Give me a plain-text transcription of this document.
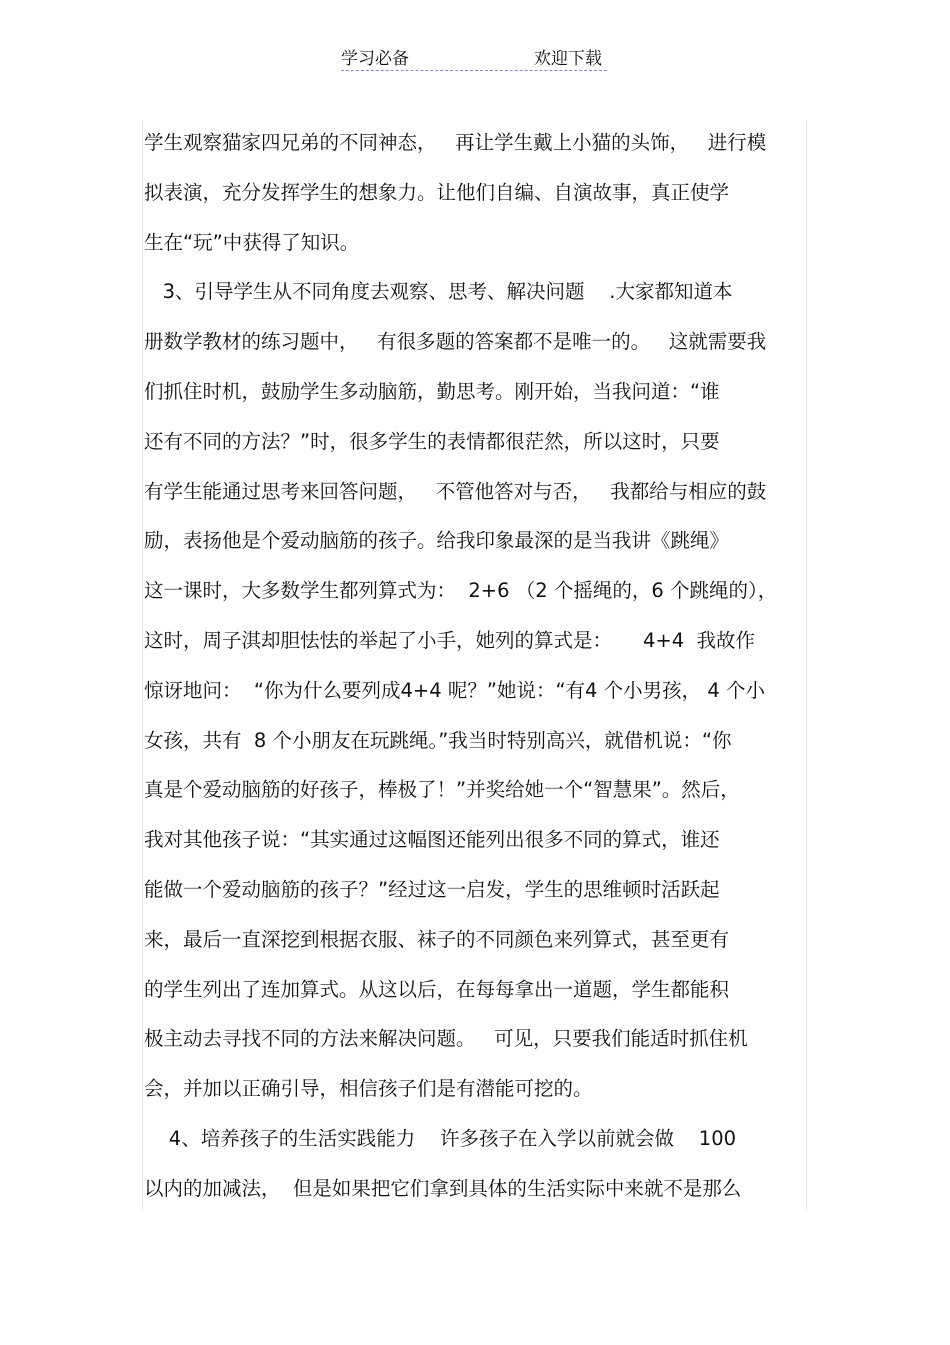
学习必备	欢迎下载
学生观察猫家四兄弟的不同神态，   再让学生戴上小猫的头饰，   进行模
拟表演，充分发挥学生的想象力。让他们自编、自演故事，真正使学
生在“玩”中获得了知识。
3、引导学生从不同角度去观察、思考、解决问题    .大家都知道本
册数学教材的练习题中，   有很多题的答案都不是唯一的。   这就需要我
们抓住时机，鼓励学生多动脑筋，勤思考。刚开始，当我问道：“谁
还有不同的方法？”时，很多学生的表情都很茫然，所以这时，只要
有学生能通过思考来回答问题，   不管他答对与否，   我都给与相应的鼓
励，表扬他是个爱动脑筋的孩子。给我印象最深的是当我讲《跳绳》
这一课时，大多数学生都列算式为：  2+6 （2 个摇绳的，6 个跳绳的），
这时，周子淇却胆怯怯的举起了小手，她列的算式是：     4+4  我故作
惊讶地问：  “你为什么要列成4+4 呢？”她说：“有4 个小男孩， 4 个小
女孩，共有  8 个小朋友在玩跳绳。”我当时特别高兴，就借机说：“你
真是个爱动脑筋的好孩子，棒极了！”并奖给她一个“智慧果”。然后，
我对其他孩子说：“其实通过这幅图还能列出很多不同的算式，谁还
能做一个爱动脑筋的孩子？”经过这一启发，学生的思维顿时活跃起
来，最后一直深挖到根据衣服、袜子的不同颜色来列算式，甚至更有
的学生列出了连加算式。从这以后，在每每拿出一道题，学生都能积
极主动去寻找不同的方法来解决问题。   可见，只要我们能适时抓住机
会，并加以正确引导，相信孩子们是有潜能可挖的。
4、培养孩子的生活实践能力    许多孩子在入学以前就会做    100
以内的加减法，  但是如果把它们拿到具体的生活实际中来就不是那么
